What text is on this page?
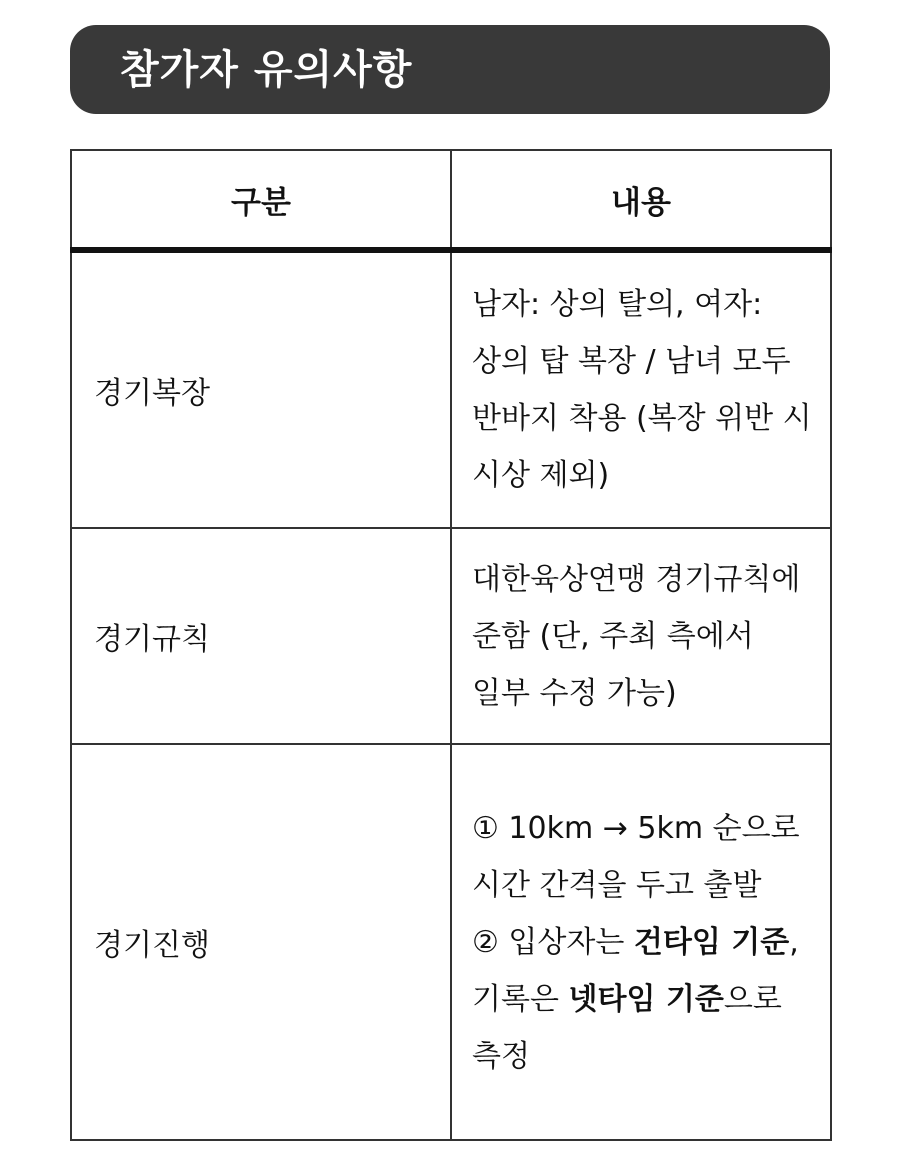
참가자 유의사항
구분	내용
경기복장	남자: 상의 탈의, 여자: 상의 탑 복장 / 남녀 모두 반바지 착용 (복장 위반 시 시상 제외)

경기규칙	대한육상연맹 경기규칙에 준함 (단, 주최 측에서 일부 수정 가능)

경기진행	① 10km → 5km 순으로 시간 간격을 두고 출발
② 입상자는 건타임 기준, 기록은 넷타임 기준으로 측정
